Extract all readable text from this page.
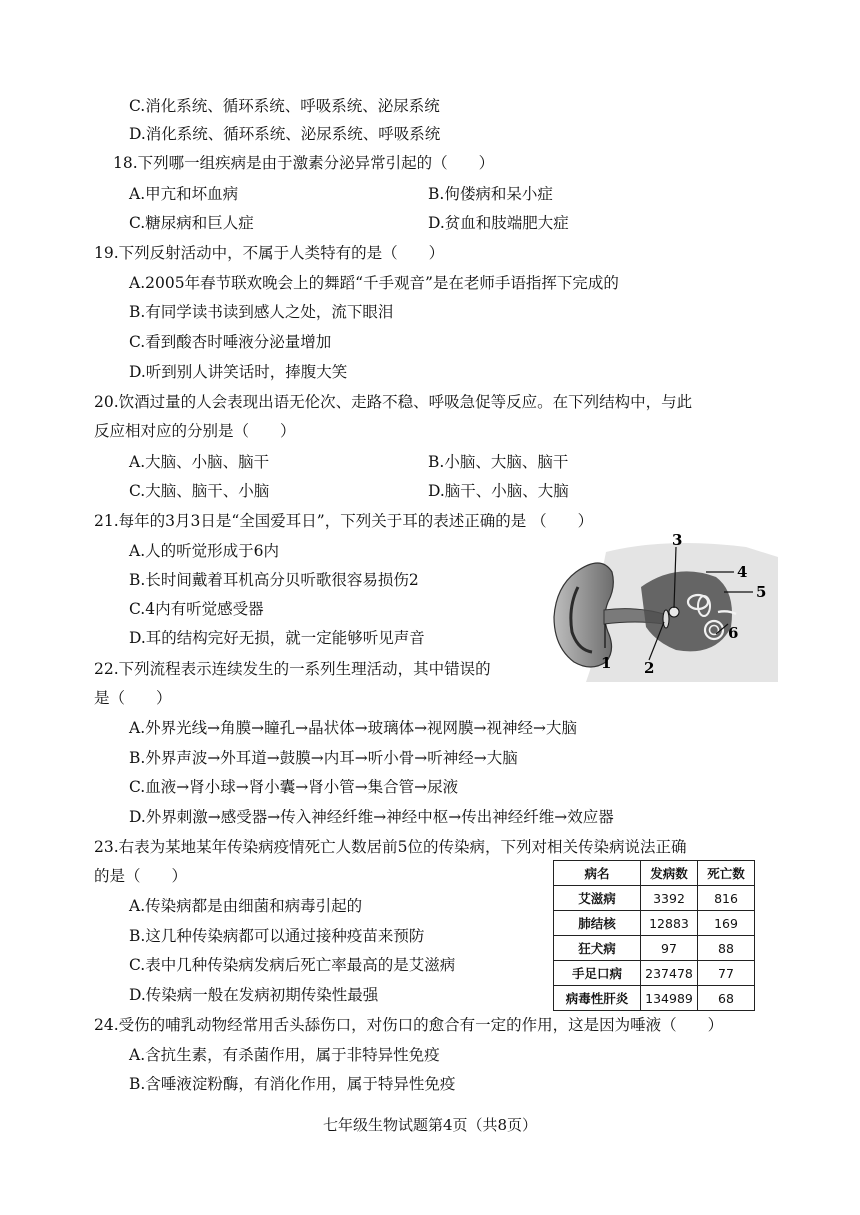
C.消化系统、循环系统、呼吸系统、泌尿系统
D.消化系统、循环系统、泌尿系统、呼吸系统
18.下列哪一组疾病是由于激素分泌异常引起的（　　）
A.甲亢和坏血病	B.佝偻病和呆小症
C.糖尿病和巨人症	D.贫血和肢端肥大症
19.下列反射活动中，不属于人类特有的是（　　）
A.2005年春节联欢晚会上的舞蹈“千手观音”是在老师手语指挥下完成的
B.有同学读书读到感人之处，流下眼泪
C.看到酸杏时唾液分泌量增加
D.听到别人讲笑话时，捧腹大笑
20.饮酒过量的人会表现出语无伦次、走路不稳、呼吸急促等反应。在下列结构中，与此
反应相对应的分别是（　　）
A.大脑、小脑、脑干	B.小脑、大脑、脑干
C.大脑、脑干、小脑	D.脑干、小脑、大脑
21.每年的3月3日是“全国爱耳日”，下列关于耳的表述正确的是 （　　）
A.人的听觉形成于6内
B.长时间戴着耳机高分贝听歌很容易损伤2
C.4内有听觉感受器
D.耳的结构完好无损，就一定能够听见声音
1 2
3
4
5
6
22.下列流程表示连续发生的一系列生理活动，其中错误的
是（　　）
A.外界光线→角膜→瞳孔→晶状体→玻璃体→视网膜→视神经→大脑
B.外界声波→外耳道→鼓膜→内耳→听小骨→听神经→大脑
C.血液→肾小球→肾小囊→肾小管→集合管→尿液
D.外界刺激→感受器→传入神经纤维→神经中枢→传出神经纤维→效应器
23.右表为某地某年传染病疫情死亡人数居前5位的传染病，下列对相关传染病说法正确
的是（　　）
A.传染病都是由细菌和病毒引起的
B.这几种传染病都可以通过接种疫苗来预防
C.表中几种传染病发病后死亡率最高的是艾滋病
D.传染病一般在发病初期传染性最强
病名	发病数	死亡数
艾滋病	3392	816
肺结核	12883	169
狂犬病	97	88
手足口病	237478	77
病毒性肝炎	134989	68
24.受伤的哺乳动物经常用舌头舔伤口，对伤口的愈合有一定的作用，这是因为唾液（　　）
A.含抗生素，有杀菌作用，属于非特异性免疫
B.含唾液淀粉酶，有消化作用，属于特异性免疫
七年级生物试题第4页（共8页）
